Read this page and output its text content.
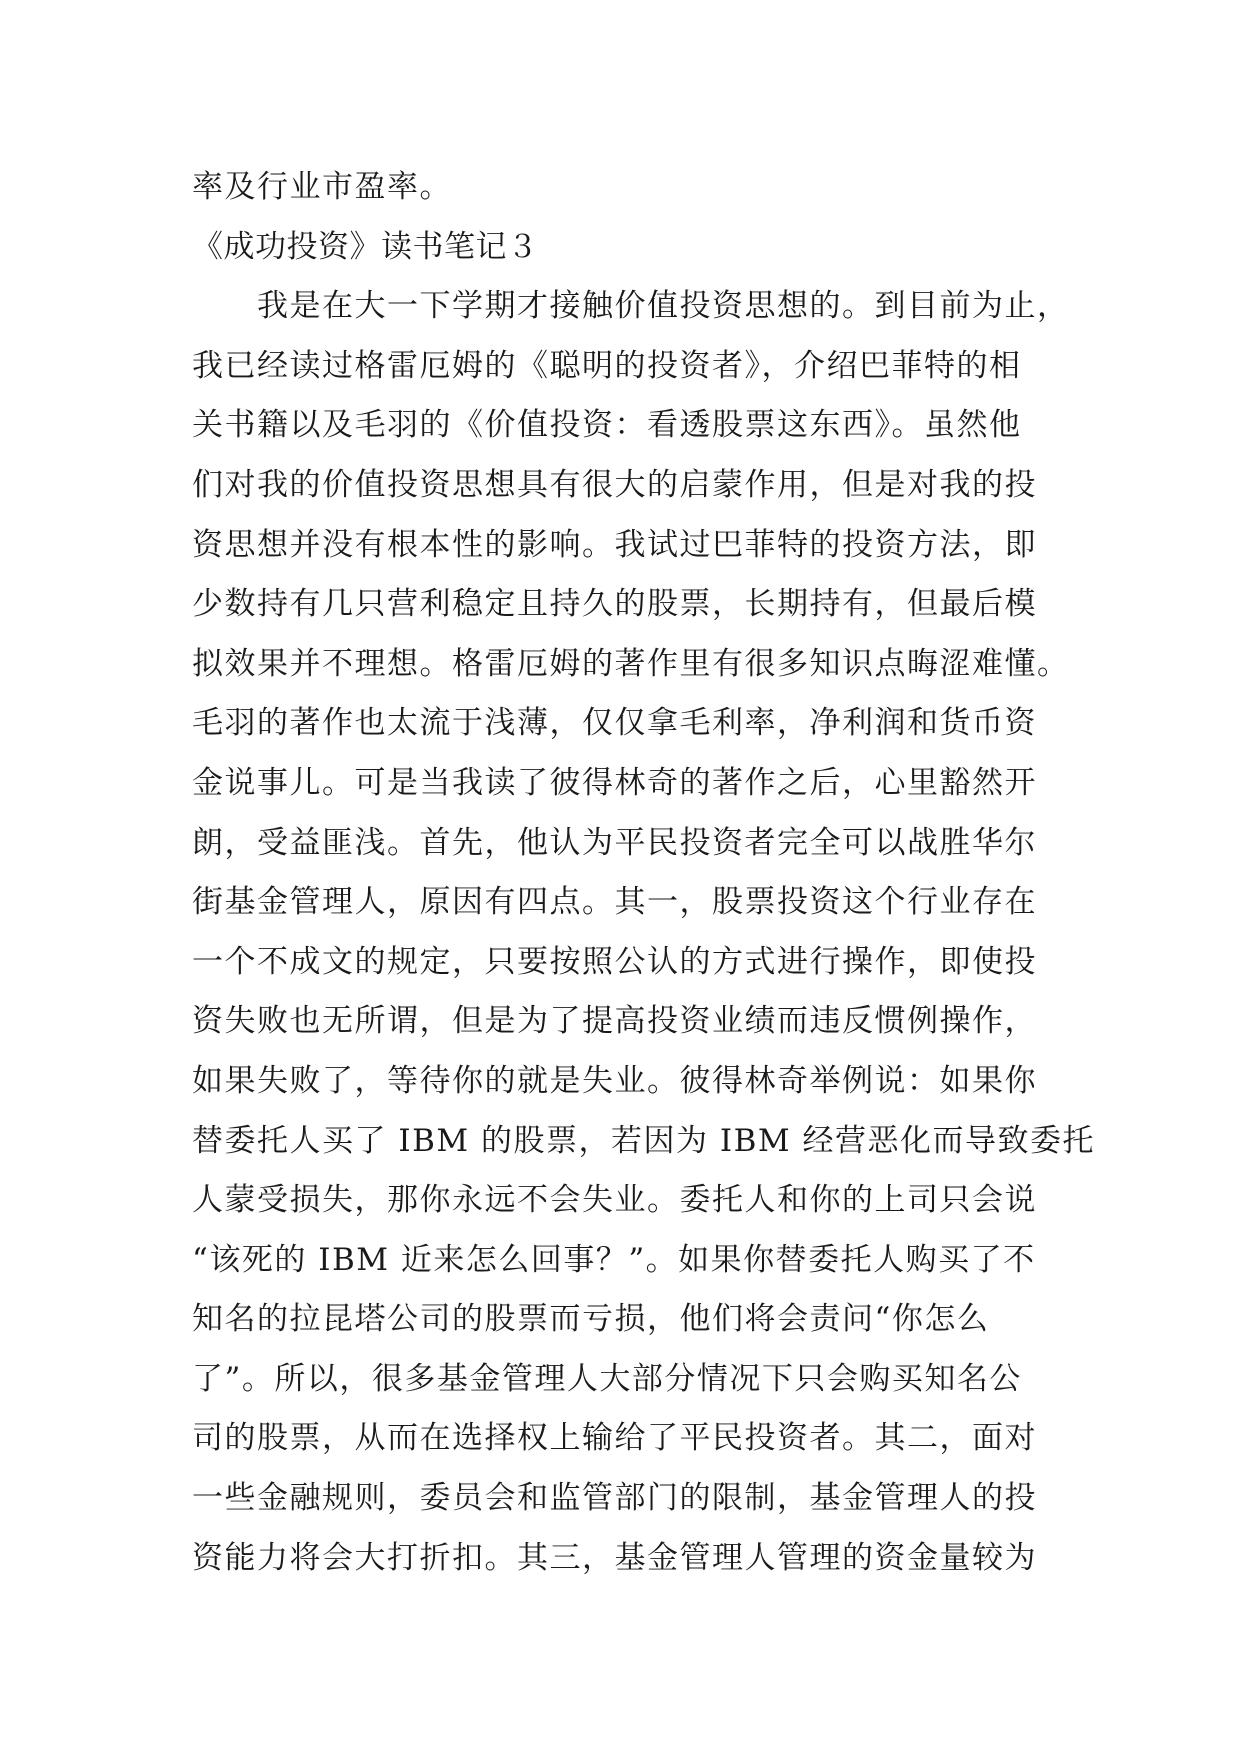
率及行业市盈率。
《成功投资》读书笔记３
　　我是在大一下学期才接触价值投资思想的。到目前为止，
我已经读过格雷厄姆的《聪明的投资者》，介绍巴菲特的相
关书籍以及毛羽的《价值投资：看透股票这东西》。虽然他
们对我的价值投资思想具有很大的启蒙作用，但是对我的投
资思想并没有根本性的影响。我试过巴菲特的投资方法，即
少数持有几只营利稳定且持久的股票，长期持有，但最后模
拟效果并不理想。格雷厄姆的著作里有很多知识点晦涩难懂。
毛羽的著作也太流于浅薄，仅仅拿毛利率，净利润和货币资
金说事儿。可是当我读了彼得林奇的著作之后，心里豁然开
朗，受益匪浅。首先，他认为平民投资者完全可以战胜华尔
街基金管理人，原因有四点。其一，股票投资这个行业存在
一个不成文的规定，只要按照公认的方式进行操作，即使投
资失败也无所谓，但是为了提高投资业绩而违反惯例操作，
如果失败了，等待你的就是失业。彼得林奇举例说：如果你
替委托人买了 IBM 的股票，若因为 IBM 经营恶化而导致委托
人蒙受损失，那你永远不会失业。委托人和你的上司只会说
“该死的 IBM 近来怎么回事？”。如果你替委托人购买了不
知名的拉昆塔公司的股票而亏损，他们将会责问“你怎么
了”。所以，很多基金管理人大部分情况下只会购买知名公
司的股票，从而在选择权上输给了平民投资者。其二，面对
一些金融规则，委员会和监管部门的限制，基金管理人的投
资能力将会大打折扣。其三，基金管理人管理的资金量较为
